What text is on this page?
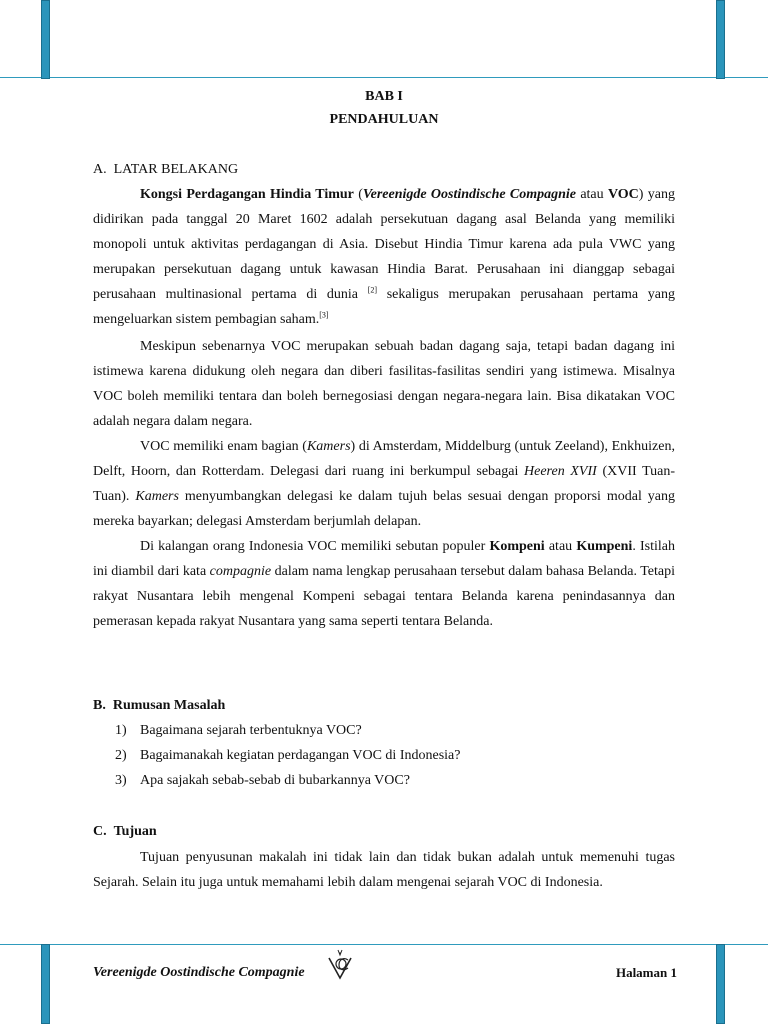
BAB I
PENDAHULUAN
A. LATAR BELAKANG
Kongsi Perdagangan Hindia Timur (Vereenigde Oostindische Compagnie atau VOC) yang didirikan pada tanggal 20 Maret 1602 adalah persekutuan dagang asal Belanda yang memiliki monopoli untuk aktivitas perdagangan di Asia. Disebut Hindia Timur karena ada pula VWC yang merupakan persekutuan dagang untuk kawasan Hindia Barat. Perusahaan ini dianggap sebagai perusahaan multinasional pertama di dunia [2] sekaligus merupakan perusahaan pertama yang mengeluarkan sistem pembagian saham.[3]
Meskipun sebenarnya VOC merupakan sebuah badan dagang saja, tetapi badan dagang ini istimewa karena didukung oleh negara dan diberi fasilitas-fasilitas sendiri yang istimewa. Misalnya VOC boleh memiliki tentara dan boleh bernegosiasi dengan negara-negara lain. Bisa dikatakan VOC adalah negara dalam negara.
VOC memiliki enam bagian (Kamers) di Amsterdam, Middelburg (untuk Zeeland), Enkhuizen, Delft, Hoorn, dan Rotterdam. Delegasi dari ruang ini berkumpul sebagai Heeren XVII (XVII Tuan-Tuan). Kamers menyumbangkan delegasi ke dalam tujuh belas sesuai dengan proporsi modal yang mereka bayarkan; delegasi Amsterdam berjumlah delapan.
Di kalangan orang Indonesia VOC memiliki sebutan populer Kompeni atau Kumpeni. Istilah ini diambil dari kata compagnie dalam nama lengkap perusahaan tersebut dalam bahasa Belanda. Tetapi rakyat Nusantara lebih mengenal Kompeni sebagai tentara Belanda karena penindasannya dan pemerasan kepada rakyat Nusantara yang sama seperti tentara Belanda.
B. Rumusan Masalah
1) Bagaimana sejarah terbentuknya VOC?
2) Bagaimanakah kegiatan perdagangan VOC di Indonesia?
3) Apa sajakah sebab-sebab di bubarkannya VOC?
C. Tujuan
Tujuan penyusunan makalah ini tidak lain dan tidak bukan adalah untuk memenuhi tugas Sejarah. Selain itu juga untuk memahami lebih dalam mengenai sejarah VOC di Indonesia.
Vereenigde Oostindische Compagnie	Halaman 1
